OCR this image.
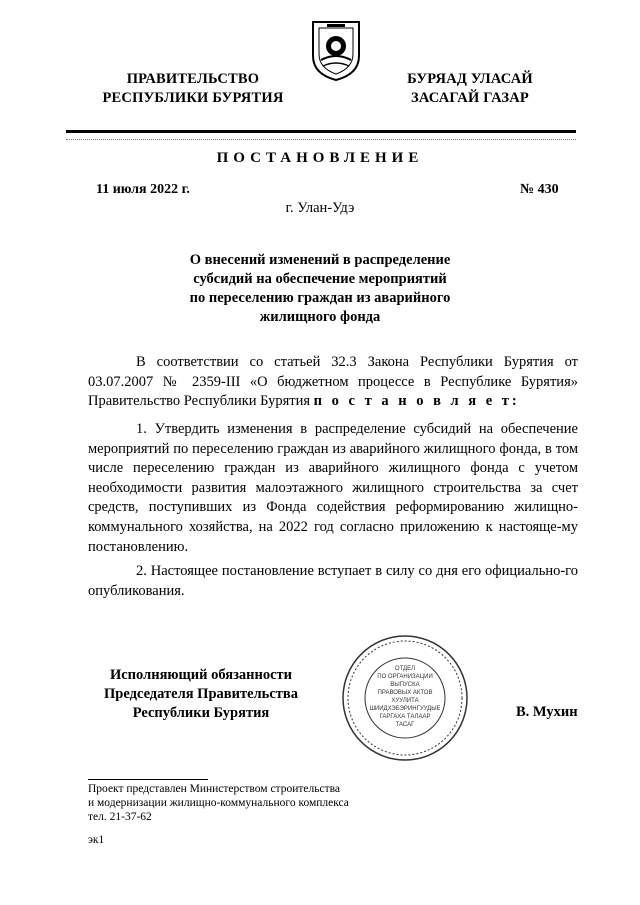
ПРАВИТЕЛЬСТВО
РЕСПУБЛИКИ БУРЯТИЯ
БУРЯАД УЛАСАЙ
ЗАСАГАЙ ГАЗАР
ПОСТАНОВЛЕНИЕ
11 июля 2022 г.	№ 430
г. Улан-Удэ
О внесений изменений в распределение
субсидий на обеспечение мероприятий
по переселению граждан из аварийного
жилищного фонда
В соответствии со статьей 32.3 Закона Республики Бурятия от 03.07.2007 № 2359-III «О бюджетном процессе в Республике Бурятия» Правительство Республики Бурятия п о с т а н о в л я е т:
1. Утвердить изменения в распределение субсидий на обеспечение мероприятий по переселению граждан из аварийного жилищного фонда, в том числе переселению граждан из аварийного жилищного фонда с учетом необходимости развития малоэтажного жилищного строительства за счет средств, поступивших из Фонда содействия реформированию жилищно-коммунального хозяйства, на 2022 год согласно приложению к настояще-му постановлению.
2. Настоящее постановление вступает в силу со дня его официально-го опубликования.
Исполняющий обязанности
Председателя Правительства
Республики Бурятия	В. Мухин
ОТДЕЛ
ПО ОРГАНИЗАЦИИ
ВЫПУСКА
ПРАВОВЫХ АКТОВ
ХУУЛИТА
ШИИДХЭБЭРИНГУУДЫЕ
ГАРГАХА ТАЛААР
ТАСАГ
Проект представлен Министерством строительства
и модернизации жилищно-коммунального комплекса
тел. 21-37-62
эк1
